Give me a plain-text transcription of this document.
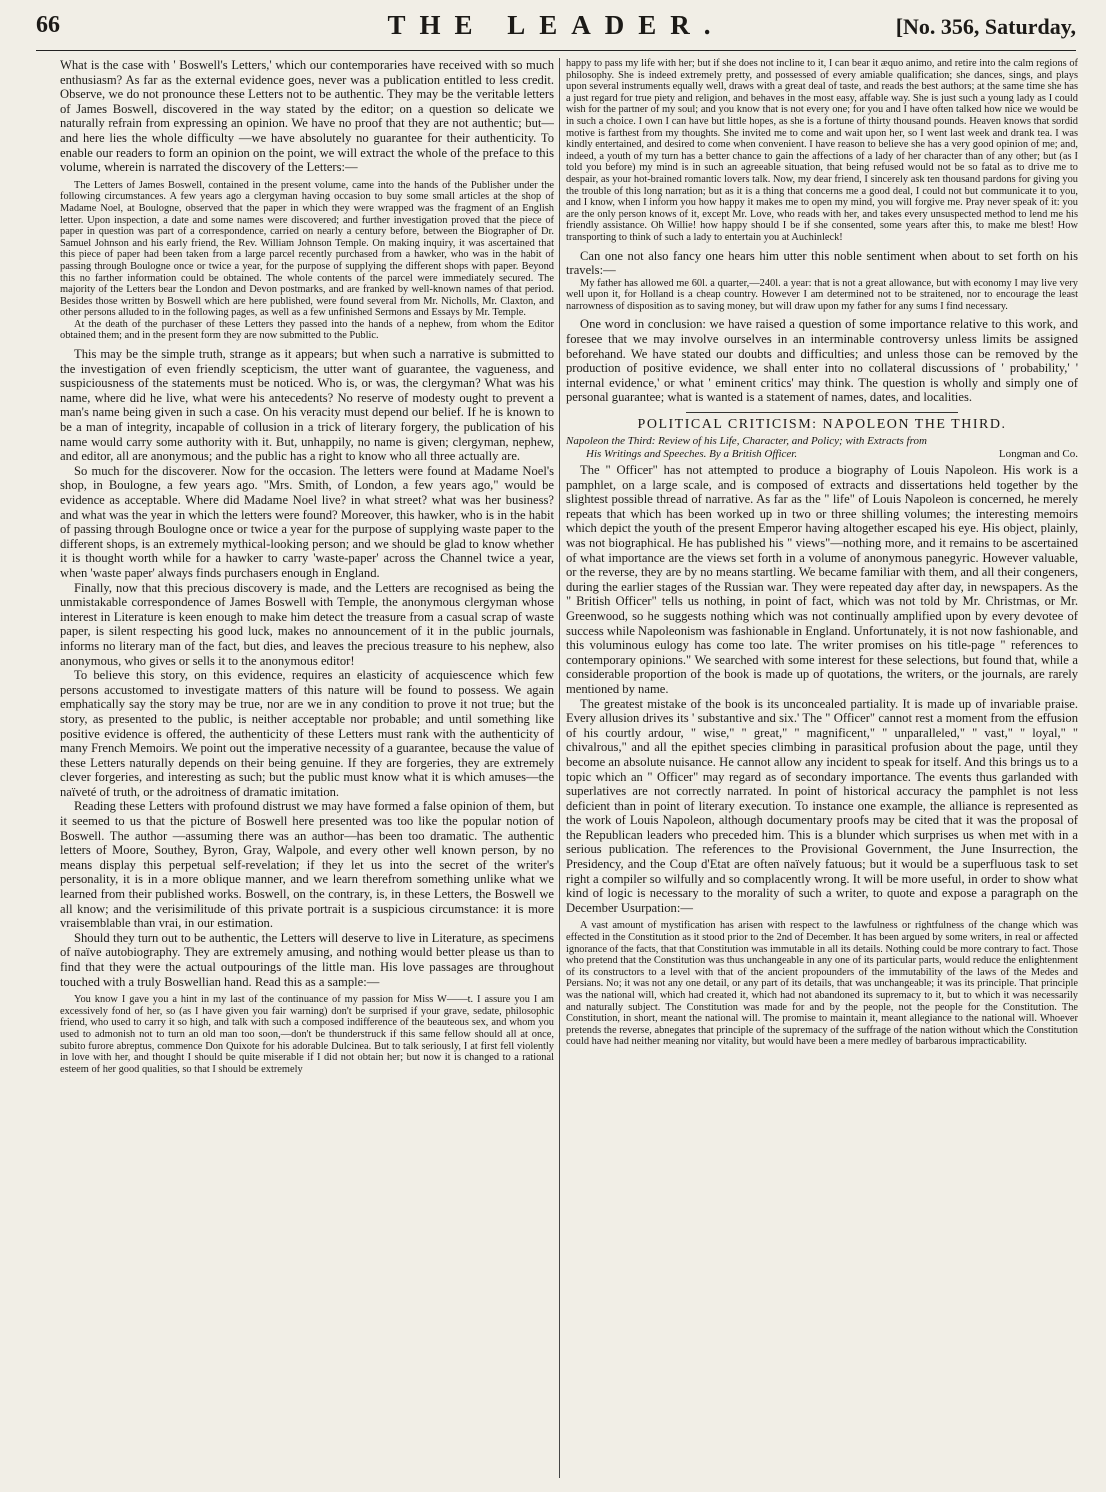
66	THE LEADER.	[No. 356, Saturday,

What is the case with ' Boswell's Letters,' which our contemporaries have received with so much enthusiasm? As far as the external evidence goes, never was a publication entitled to less credit. Observe, we do not pronounce these Letters not to be authentic. They may be the veritable letters of James Boswell, discovered in the way stated by the editor; on a question so delicate we naturally refrain from expressing an opinion. We have no proof that they are not authentic; but—and here lies the whole difficulty —we have absolutely no guarantee for their authenticity. To enable our readers to form an opinion on the point, we will extract the whole of the preface to this volume, wherein is narrated the discovery of the Letters:—

The Letters of James Boswell, contained in the present volume, came into the hands of the Publisher under the following circumstances. A few years ago a clergyman having occasion to buy some small articles at the shop of Madame Noel, at Boulogne, observed that the paper in which they were wrapped was the fragment of an English letter. Upon inspection, a date and some names were discovered; and further investigation proved that the piece of paper in question was part of a correspondence, carried on nearly a century before, between the Biographer of Dr. Samuel Johnson and his early friend, the Rev. William Johnson Temple. On making inquiry, it was ascertained that this piece of paper had been taken from a large parcel recently purchased from a hawker, who was in the habit of passing through Boulogne once or twice a year, for the purpose of supplying the different shops with paper. Beyond this no farther information could be obtained. The whole contents of the parcel were immediately secured. The majority of the Letters bear the London and Devon postmarks, and are franked by well-known names of that period. Besides those written by Boswell which are here published, were found several from Mr. Nicholls, Mr. Claxton, and other persons alluded to in the following pages, as well as a few unfinished Sermons and Essays by Mr. Temple.

At the death of the purchaser of these Letters they passed into the hands of a nephew, from whom the Editor obtained them; and in the present form they are now submitted to the Public.

This may be the simple truth, strange as it appears; but when such a narrative is submitted to the investigation of even friendly scepticism, the utter want of guarantee, the vagueness, and suspiciousness of the statements must be noticed. Who is, or was, the clergyman? What was his name, where did he live, what were his antecedents? No reserve of modesty ought to prevent a man's name being given in such a case. On his veracity must depend our belief. If he is known to be a man of integrity, incapable of collusion in a trick of literary forgery, the publication of his name would carry some authority with it. But, unhappily, no name is given; clergyman, nephew, and editor, all are anonymous; and the public has a right to know who all three actually are.

So much for the discoverer. Now for the occasion. The letters were found at Madame Noel's shop, in Boulogne, a few years ago. "Mrs. Smith, of London, a few years ago," would be evidence as acceptable. Where did Madame Noel live? in what street? what was her business? and what was the year in which the letters were found? Moreover, this hawker, who is in the habit of passing through Boulogne once or twice a year for the purpose of supplying waste paper to the different shops, is an extremely mythical-looking person; and we should be glad to know whether it is thought worth while for a hawker to carry 'waste-paper' across the Channel twice a year, when 'waste paper' always finds purchasers enough in England.

Finally, now that this precious discovery is made, and the Letters are recognised as being the unmistakable correspondence of James Boswell with Temple, the anonymous clergyman whose interest in Literature is keen enough to make him detect the treasure from a casual scrap of waste paper, is silent respecting his good luck, makes no announcement of it in the public journals, informs no literary man of the fact, but dies, and leaves the precious treasure to his nephew, also anonymous, who gives or sells it to the anonymous editor!

To believe this story, on this evidence, requires an elasticity of acquiescence which few persons accustomed to investigate matters of this nature will be found to possess. We again emphatically say the story may be true, nor are we in any condition to prove it not true; but the story, as presented to the public, is neither acceptable nor probable; and until something like positive evidence is offered, the authenticity of these Letters must rank with the authenticity of many French Memoirs. We point out the imperative necessity of a guarantee, because the value of these Letters naturally depends on their being genuine. If they are forgeries, they are extremely clever forgeries, and interesting as such; but the public must know what it is which amuses—the naïveté of truth, or the adroitness of dramatic imitation.

Reading these Letters with profound distrust we may have formed a false opinion of them, but it seemed to us that the picture of Boswell here presented was too like the popular notion of Boswell. The author —assuming there was an author—has been too dramatic. The authentic letters of Moore, Southey, Byron, Gray, Walpole, and every other well known person, by no means display this perpetual self-revelation; if they let us into the secret of the writer's personality, it is in a more oblique manner, and we learn therefrom something unlike what we learned from their published works. Boswell, on the contrary, is, in these Letters, the Boswell we all know; and the verisimilitude of this private portrait is a suspicious circumstance: it is more vraisemblable than vrai, in our estimation.

Should they turn out to be authentic, the Letters will deserve to live in Literature, as specimens of naïve autobiography. They are extremely amusing, and nothing would better please us than to find that they were the actual outpourings of the little man. His love passages are throughout touched with a truly Boswellian hand. Read this as a sample:—

You know I gave you a hint in my last of the continuance of my passion for Miss W——t. I assure you I am excessively fond of her, so (as I have given you fair warning) don't be surprised if your grave, sedate, philosophic friend, who used to carry it so high, and talk with such a composed indifference of the beauteous sex, and whom you used to admonish not to turn an old man too soon,—don't be thunderstruck if this same fellow should all at once, subito furore abreptus, commence Don Quixote for his adorable Dulcinea. But to talk seriously, I at first fell violently in love with her, and thought I should be quite miserable if I did not obtain her; but now it is changed to a rational esteem of her good qualities, so that I should be extremely

happy to pass my life with her; but if she does not incline to it, I can bear it æquo animo, and retire into the calm regions of philosophy. She is indeed extremely pretty, and possessed of every amiable qualification; she dances, sings, and plays upon several instruments equally well, draws with a great deal of taste, and reads the best authors; at the same time she has a just regard for true piety and religion, and behaves in the most easy, affable way. She is just such a young lady as I could wish for the partner of my soul; and you know that is not every one; for you and I have often talked how nice we would be in such a choice. I own I can have but little hopes, as she is a fortune of thirty thousand pounds. Heaven knows that sordid motive is farthest from my thoughts. She invited me to come and wait upon her, so I went last week and drank tea. I was kindly entertained, and desired to come when convenient. I have reason to believe she has a very good opinion of me; and, indeed, a youth of my turn has a better chance to gain the affections of a lady of her character than of any other; but (as I told you before) my mind is in such an agreeable situation, that being refused would not be so fatal as to drive me to despair, as your hot-brained romantic lovers talk. Now, my dear friend, I sincerely ask ten thousand pardons for giving you the trouble of this long narration; but as it is a thing that concerns me a good deal, I could not but communicate it to you, and I know, when I inform you how happy it makes me to open my mind, you will forgive me. Pray never speak of it: you are the only person knows of it, except Mr. Love, who reads with her, and takes every unsuspected method to lend me his friendly assistance. Oh Willie! how happy should I be if she consented, some years after this, to make me blest! How transporting to think of such a lady to entertain you at Auchinleck!

Can one not also fancy one hears him utter this noble sentiment when about to set forth on his travels:—

My father has allowed me 60l. a quarter,—240l. a year: that is not a great allowance, but with economy I may live very well upon it, for Holland is a cheap country. However I am determined not to be straitened, nor to encourage the least narrowness of disposition as to saving money, but will draw upon my father for any sums I find necessary.

One word in conclusion: we have raised a question of some importance relative to this work, and foresee that we may involve ourselves in an interminable controversy unless limits be assigned beforehand. We have stated our doubts and difficulties; and unless those can be removed by the production of positive evidence, we shall enter into no collateral discussions of ' probability,' ' internal evidence,' or what ' eminent critics' may think. The question is wholly and simply one of personal guarantee; what is wanted is a statement of names, dates, and localities.

POLITICAL CRITICISM: NAPOLEON THE THIRD.

Napoleon the Third: Review of his Life, Character, and Policy; with Extracts from

His Writings and Speeches. By a British Officer.	Longman and Co.

The " Officer" has not attempted to produce a biography of Louis Napoleon. His work is a pamphlet, on a large scale, and is composed of extracts and dissertations held together by the slightest possible thread of narrative. As far as the " life" of Louis Napoleon is concerned, he merely repeats that which has been worked up in two or three shilling volumes; the interesting memoirs which depict the youth of the present Emperor having altogether escaped his eye. His object, plainly, was not biographical. He has published his " views"—nothing more, and it remains to be ascertained of what importance are the views set forth in a volume of anonymous panegyric. However valuable, or the reverse, they are by no means startling. We became familiar with them, and all their congeners, during the earlier stages of the Russian war. They were repeated day after day, in newspapers. As the " British Officer" tells us nothing, in point of fact, which was not told by Mr. Christmas, or Mr. Greenwood, so he suggests nothing which was not continually amplified upon by every devotee of success while Napoleonism was fashionable in England. Unfortunately, it is not now fashionable, and this voluminous eulogy has come too late. The writer promises on his title-page " references to contemporary opinions." We searched with some interest for these selections, but found that, while a considerable proportion of the book is made up of quotations, the writers, or the journals, are rarely mentioned by name.

The greatest mistake of the book is its unconcealed partiality. It is made up of invariable praise. Every allusion drives its ' substantive and six.' The " Officer" cannot rest a moment from the effusion of his courtly ardour, " wise," " great," " magnificent," " unparalleled," " vast," " loyal," " chivalrous," and all the epithet species climbing in parasitical profusion about the page, until they become an absolute nuisance. He cannot allow any incident to speak for itself. And this brings us to a topic which an " Officer" may regard as of secondary importance. The events thus garlanded with superlatives are not correctly narrated. In point of historical accuracy the pamphlet is not less deficient than in point of literary execution. To instance one example, the alliance is represented as the work of Louis Napoleon, although documentary proofs may be cited that it was the proposal of the Republican leaders who preceded him. This is a blunder which surprises us when met with in a serious publication. The references to the Provisional Government, the June Insurrection, the Presidency, and the Coup d'Etat are often naïvely fatuous; but it would be a superfluous task to set right a compiler so wilfully and so complacently wrong. It will be more useful, in order to show what kind of logic is necessary to the morality of such a writer, to quote and expose a paragraph on the December Usurpation:—

A vast amount of mystification has arisen with respect to the lawfulness or rightfulness of the change which was effected in the Constitution as it stood prior to the 2nd of December. It has been argued by some writers, in real or affected ignorance of the facts, that that Constitution was immutable in all its details. Nothing could be more contrary to fact. Those who pretend that the Constitution was thus unchangeable in any one of its particular parts, would reduce the enlightenment of its constructors to a level with that of the ancient propounders of the immutability of the laws of the Medes and Persians. No; it was not any one detail, or any part of its details, that was unchangeable; it was its principle. That principle was the national will, which had created it, which had not abandoned its supremacy to it, but to which it was necessarily and naturally subject. The Constitution was made for and by the people, not the people for the Constitution. The Constitution, in short, meant the national will. The promise to maintain it, meant allegiance to the national will. Whoever pretends the reverse, abnegates that principle of the supremacy of the suffrage of the nation without which the Constitution could have had neither meaning nor vitality, but would have been a mere medley of barbarous impracticability.
